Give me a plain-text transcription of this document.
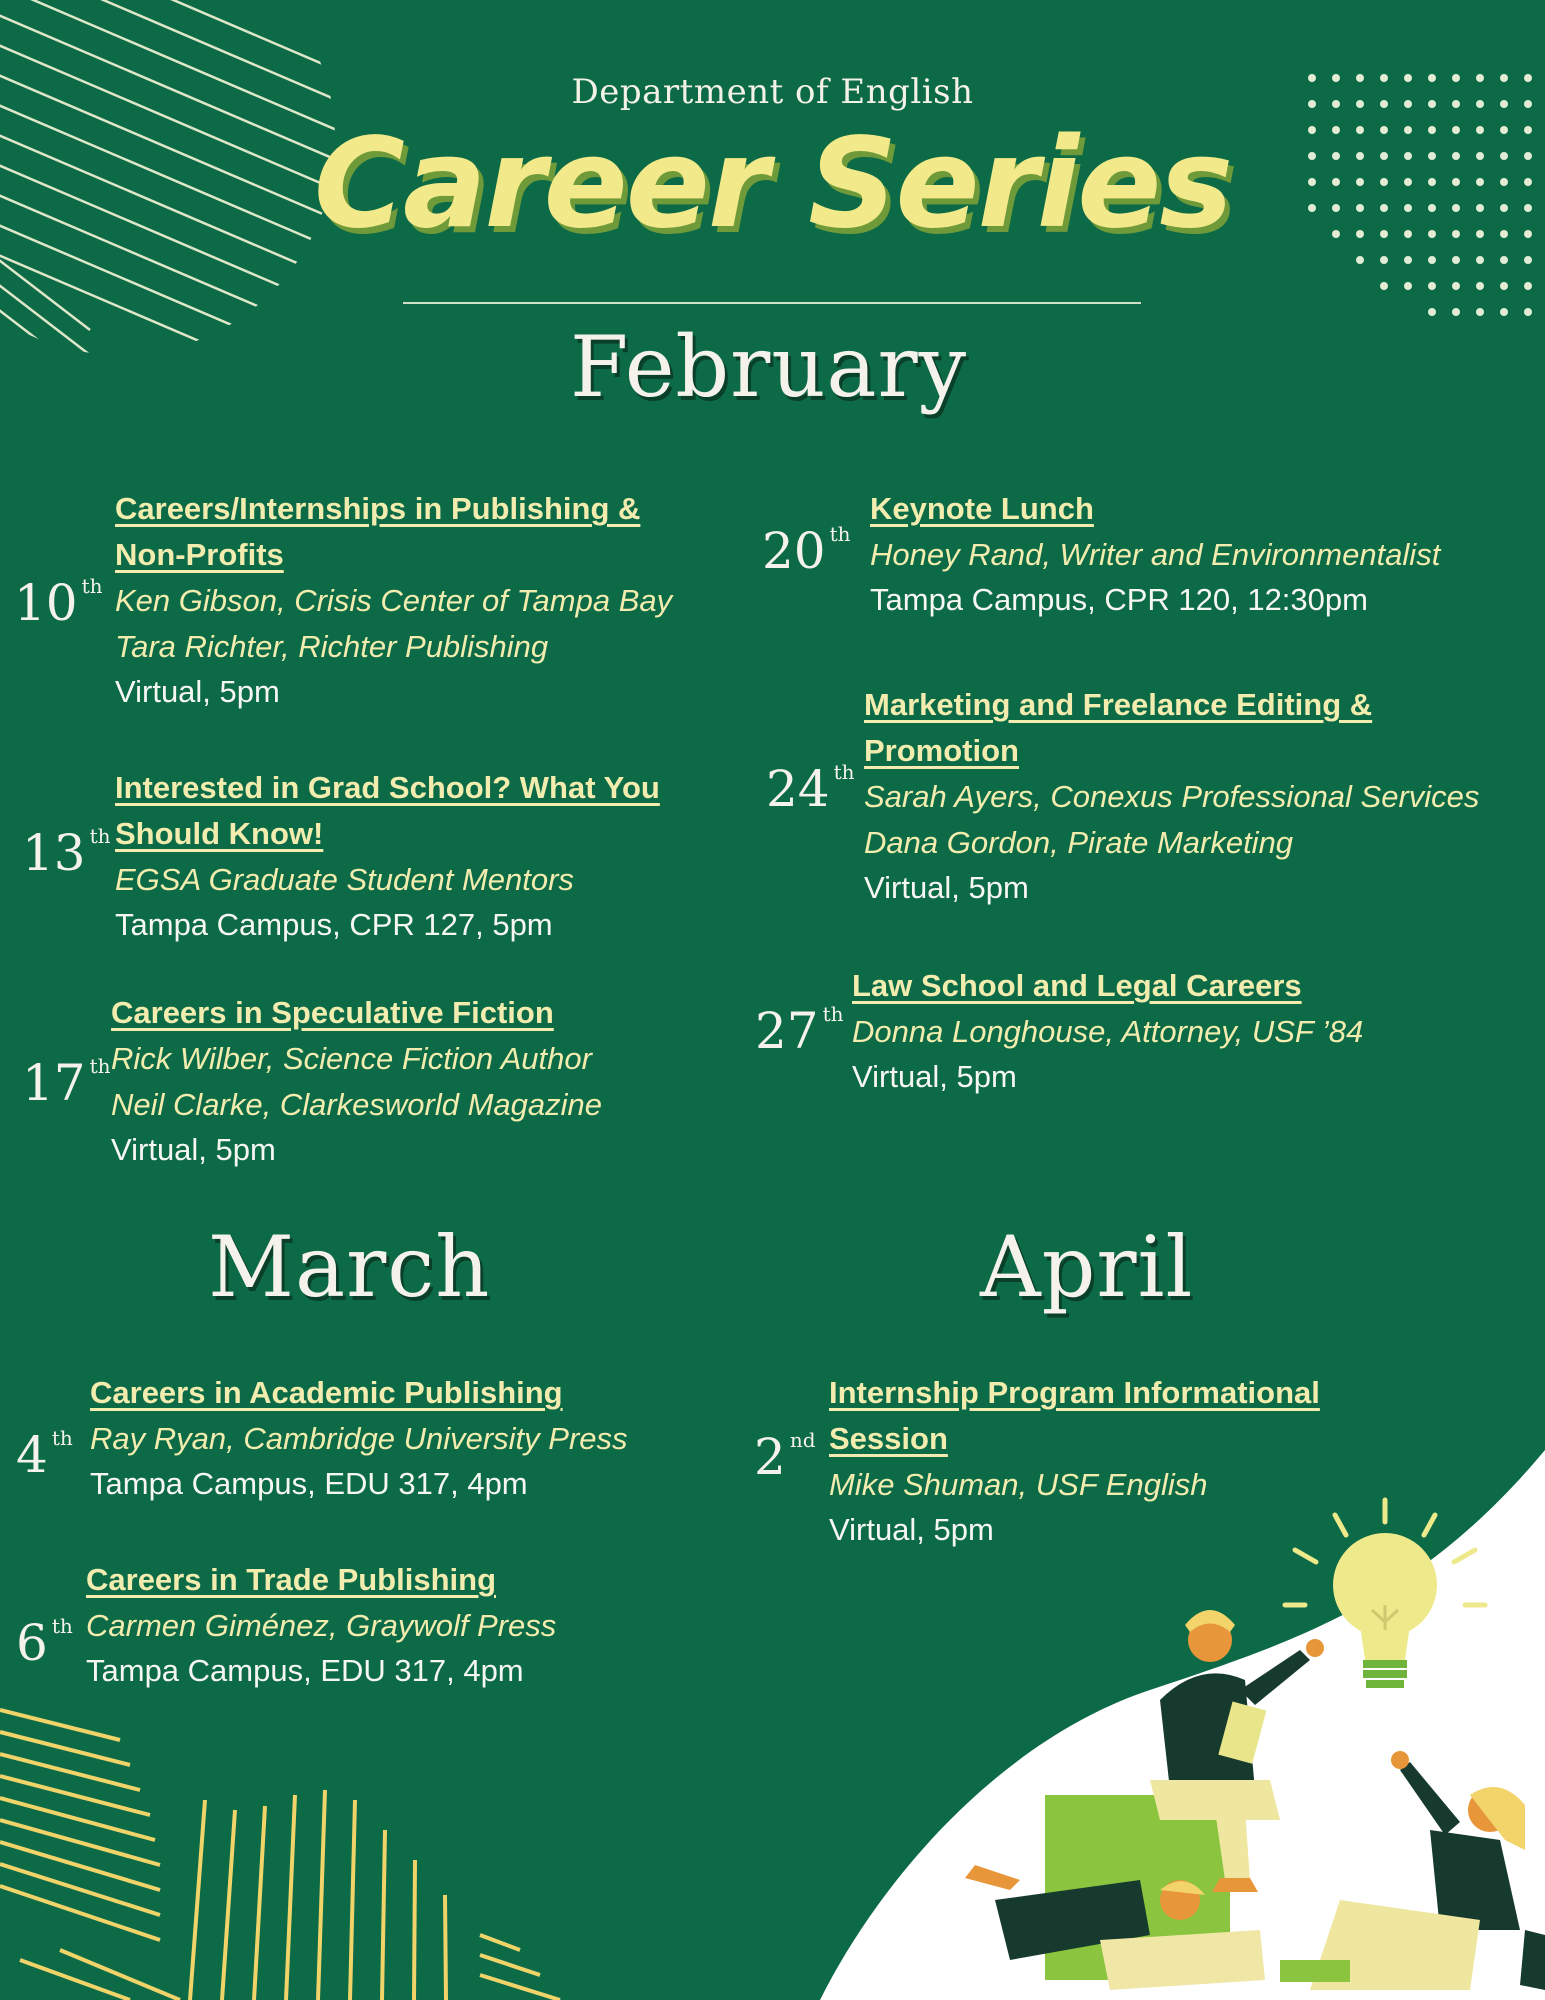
Department of English
Career Series
February
March	April
10 $^{th}$
Careers/Internships in Publishing &
Non-Profits
Ken Gibson, Crisis Center of Tampa Bay
Tara Richter, Richter Publishing
Virtual, 5pm
13 $^{th}$
Interested in Grad School? What You
Should Know!
EGSA Graduate Student Mentors
Tampa Campus, CPR 127, 5pm
17 $^{th}$
Careers in Speculative Fiction
Rick Wilber, Science Fiction Author
Neil Clarke, Clarkesworld Magazine
Virtual, 5pm
20 $^{th}$
Keynote Lunch
Honey Rand, Writer and Environmentalist
Tampa Campus, CPR 120, 12:30pm
24 $^{th}$
Marketing and Freelance Editing &
Promotion
Sarah Ayers, Conexus Professional Services
Dana Gordon, Pirate Marketing
Virtual, 5pm
27 $^{th}$
Law School and Legal Careers
Donna Longhouse, Attorney, USF ’84
Virtual, 5pm
4 $^{th}$
Careers in Academic Publishing
Ray Ryan, Cambridge University Press
Tampa Campus, EDU 317, 4pm
6 $^{th}$
Careers in Trade Publishing
Carmen Giménez, Graywolf Press
Tampa Campus, EDU 317, 4pm
2 $^{nd}$
Internship Program Informational
Session
Mike Shuman, USF English
Virtual, 5pm
